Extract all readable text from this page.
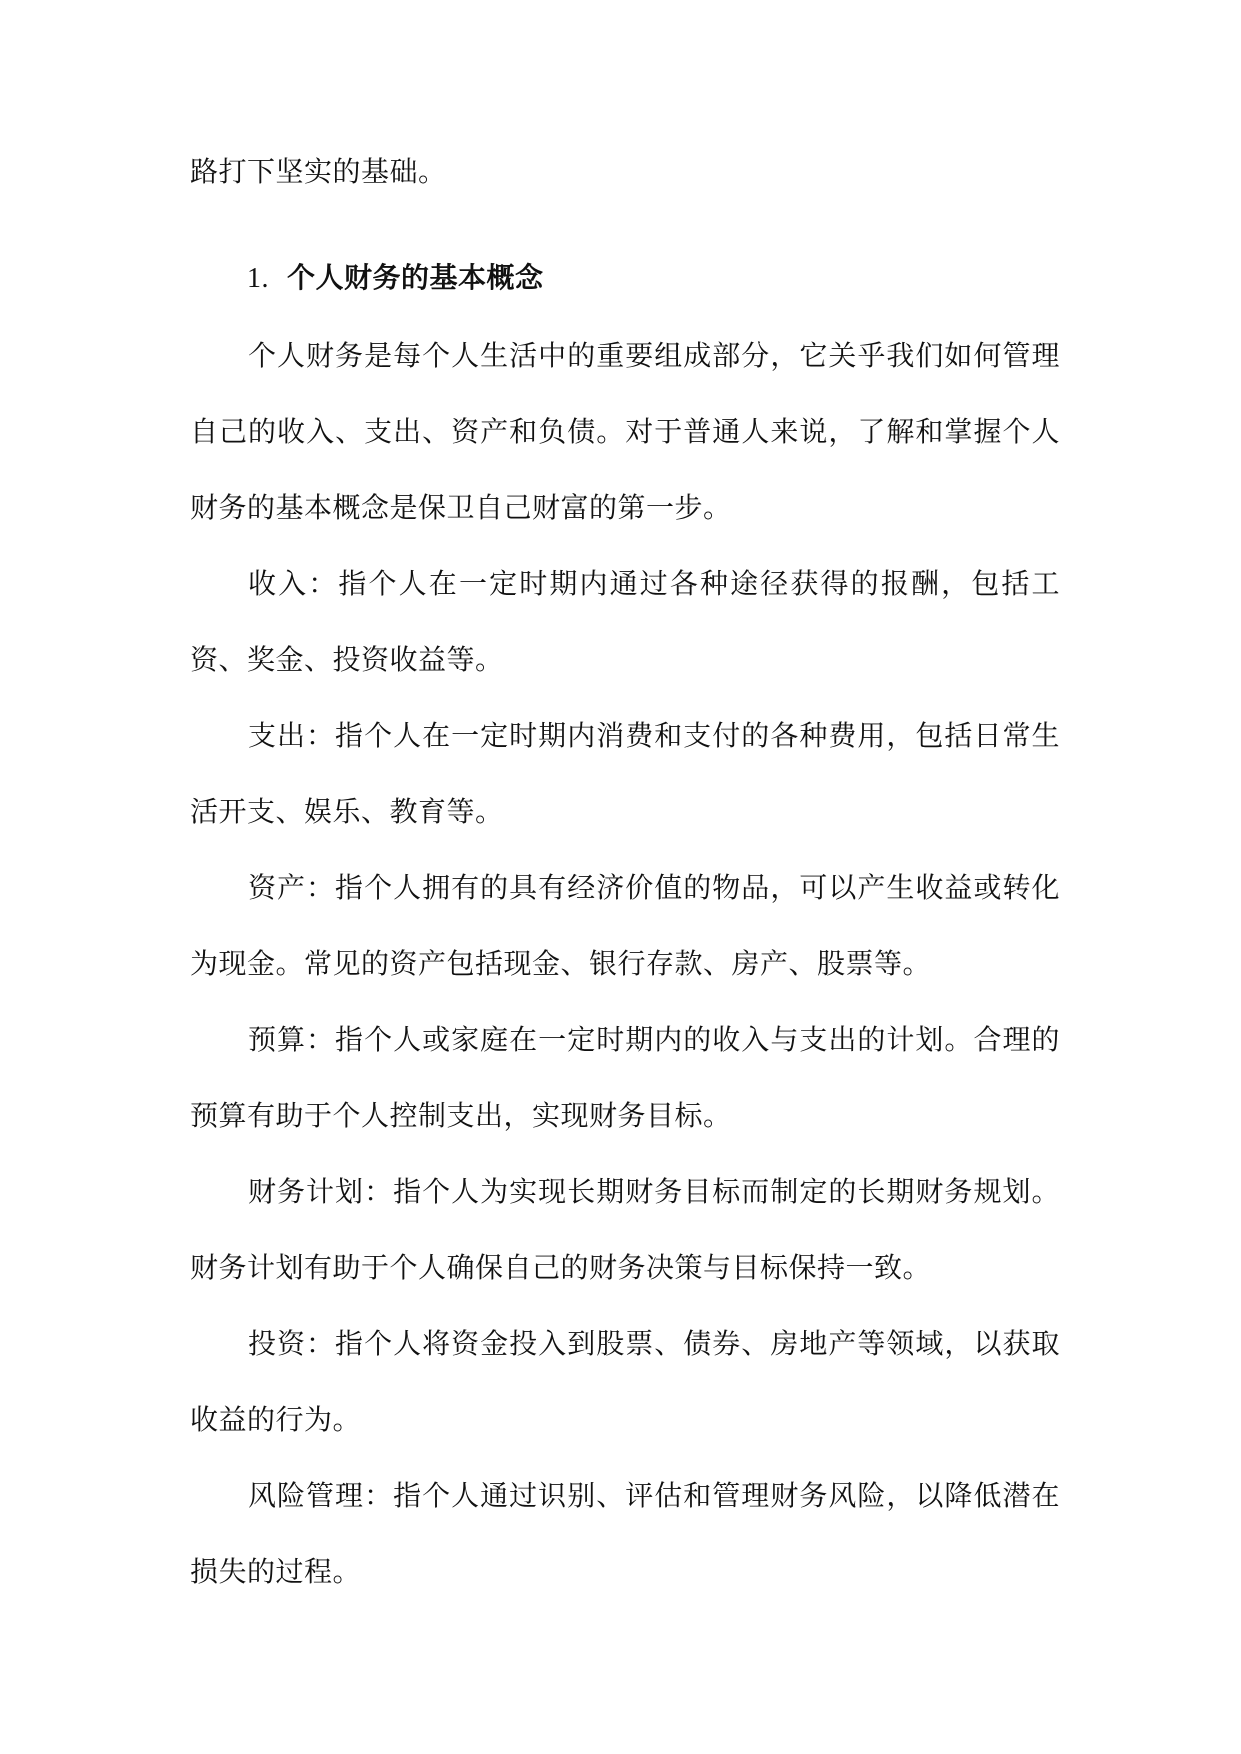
路打下坚实的基础。
1. 个人财务的基本概念

个人财务是每个人生活中的重要组成部分，它关乎我们如何管理自己的收入、支出、资产和负债。对于普通人来说，了解和掌握个人财务的基本概念是保卫自己财富的第一步。

收入：指个人在一定时期内通过各种途径获得的报酬，包括工资、奖金、投资收益等。

支出：指个人在一定时期内消费和支付的各种费用，包括日常生活开支、娱乐、教育等。

资产：指个人拥有的具有经济价值的物品，可以产生收益或转化为现金。常见的资产包括现金、银行存款、房产、股票等。

预算：指个人或家庭在一定时期内的收入与支出的计划。合理的预算有助于个人控制支出，实现财务目标。

财务计划：指个人为实现长期财务目标而制定的长期财务规划。财务计划有助于个人确保自己的财务决策与目标保持一致。

投资：指个人将资金投入到股票、债券、房地产等领域，以获取收益的行为。

风险管理：指个人通过识别、评估和管理财务风险，以降低潜在损失的过程。
